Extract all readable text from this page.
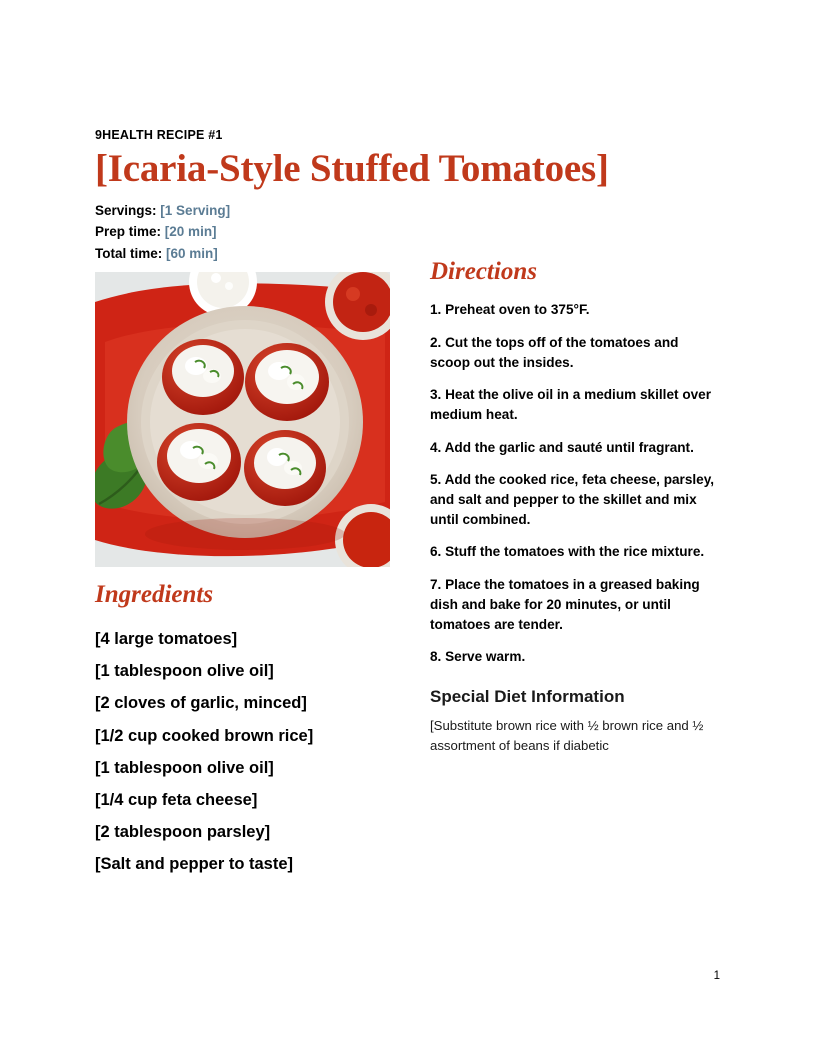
9HEALTH RECIPE #1
[Icaria-Style Stuffed Tomatoes]
Servings: [1 Serving]
Prep time: [20 min]
Total time: [60 min]
Ingredients
[4 large tomatoes]
[1 tablespoon olive oil]
[2 cloves of garlic, minced]
[1/2 cup cooked brown rice]
[1 tablespoon olive oil]
[1/4 cup feta cheese]
[2 tablespoon parsley]
[Salt and pepper to taste]
Directions

1. Preheat oven to 375°F.

2. Cut the tops off of the tomatoes and scoop out the insides.

3. Heat the olive oil in a medium skillet over medium heat.

4. Add the garlic and sauté until fragrant.

5. Add the cooked rice, feta cheese, parsley, and salt and pepper to the skillet and mix until combined.

6. Stuff the tomatoes with the rice mixture.

7. Place the tomatoes in a greased baking dish and bake for 20 minutes, or until tomatoes are tender.

8. Serve warm.

Special Diet Information

[Substitute brown rice with ½ brown rice and ½ assortment of beans if diabetic

1
